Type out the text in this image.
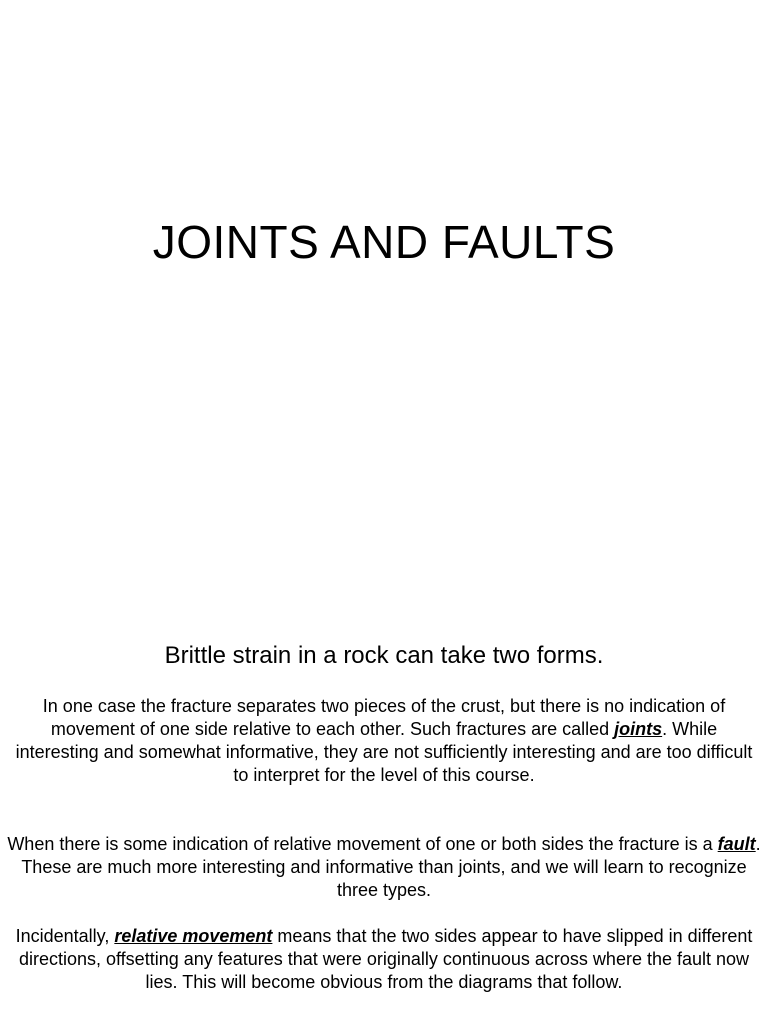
JOINTS AND FAULTS

Brittle strain in a rock can take two forms.

In one case the fracture separates two pieces of the crust, but there is no indication of movement of one side relative to each other. Such fractures are called joints. While interesting and somewhat informative, they are not sufficiently interesting and are too difficult to interpret for the level of this course.

When there is some indication of relative movement of one or both sides the fracture is a fault. These are much more interesting and informative than joints, and we will learn to recognize three types.

Incidentally, relative movement means that the two sides appear to have slipped in different directions, offsetting any features that were originally continuous across where the fault now lies. This will become obvious from the diagrams that follow.
